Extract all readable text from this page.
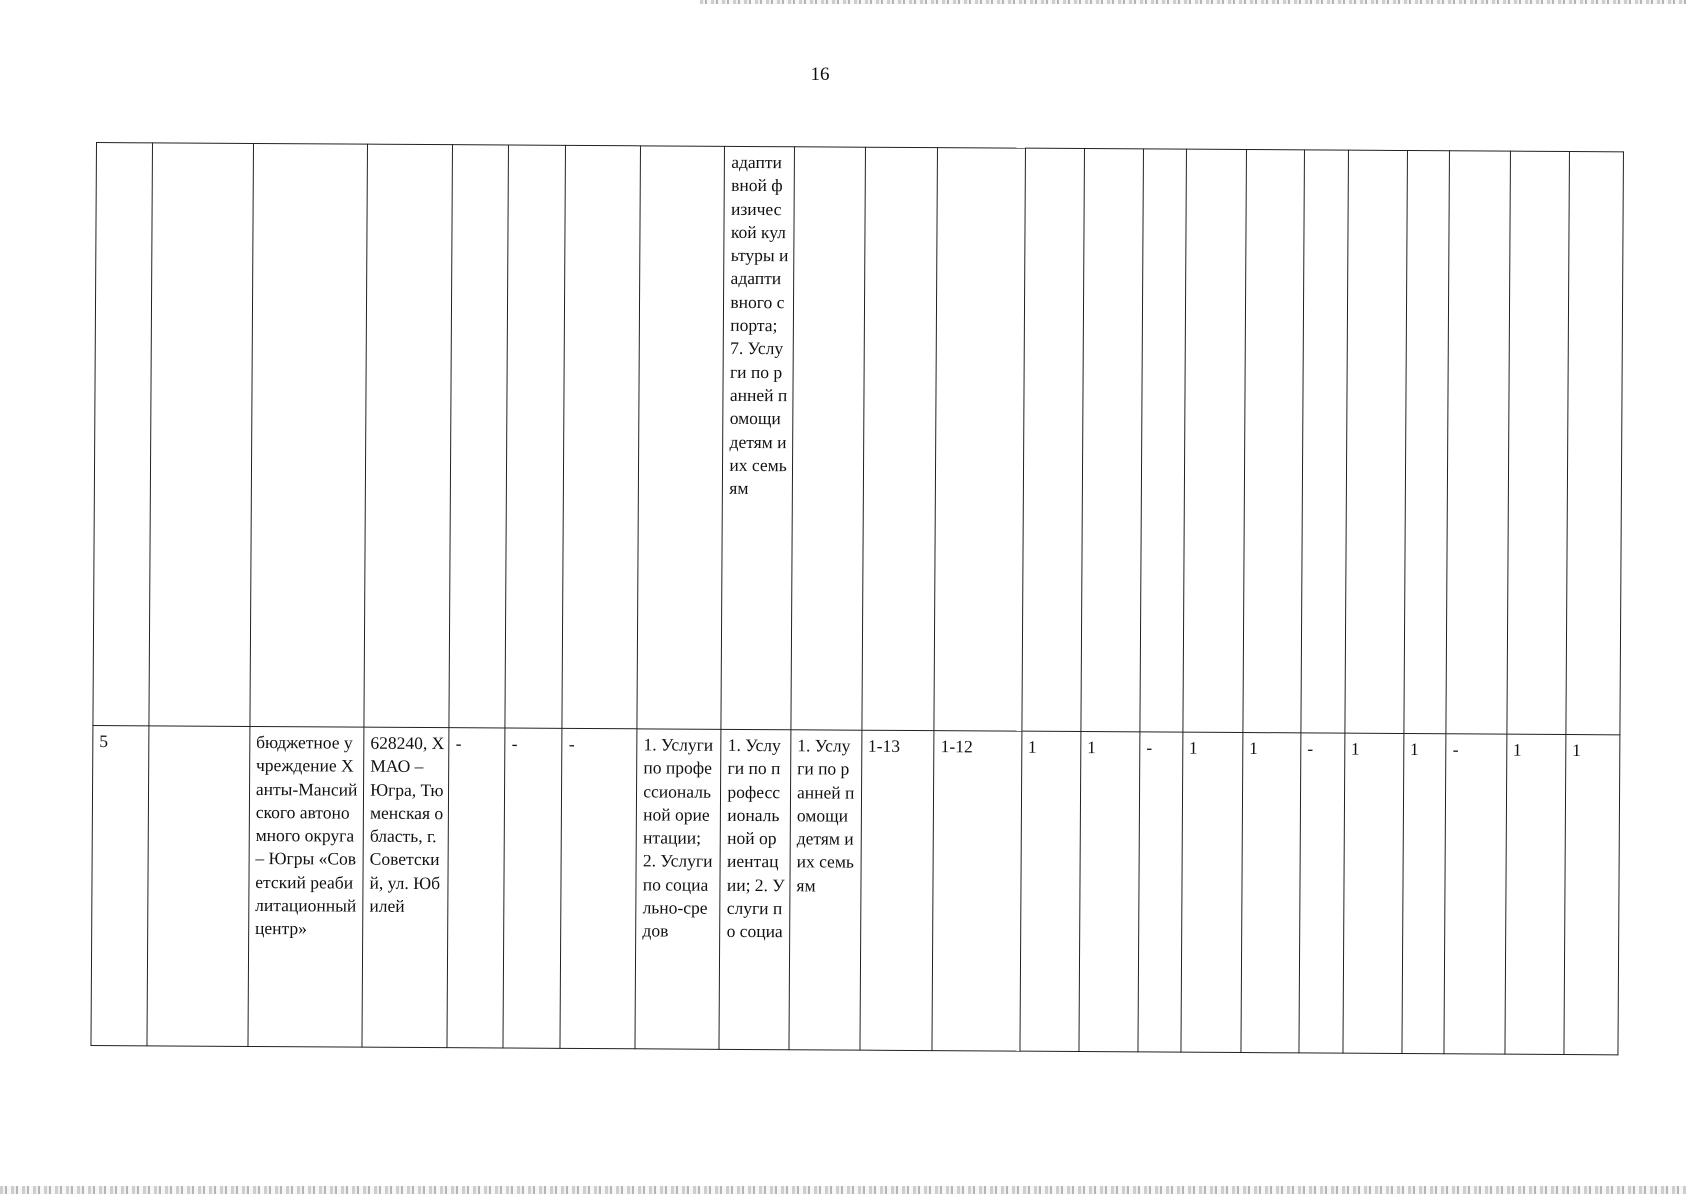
16

								адаптивной физической культуры и адаптивного спорта; 7. Услуги по ранней помощи детям и их семьям														

5		бюджетное учреждение Ханты-Мансийского автономного округа – Югры «Советский реабилитационный центр»	628240, ХМАО – Югра, Тюменская область, г. Советский, ул. Юбилей	-	-	-	1. Услуги по профессиональной ориентации; 2. Услуги по социально-средов	1. Услуги по профессиональной ориентации; 2. Услуги по социа	1. Услуги по ранней помощи детям и их семьям	1-13	1-12	1	1	-	1	1	-	1	1	-	1	1
